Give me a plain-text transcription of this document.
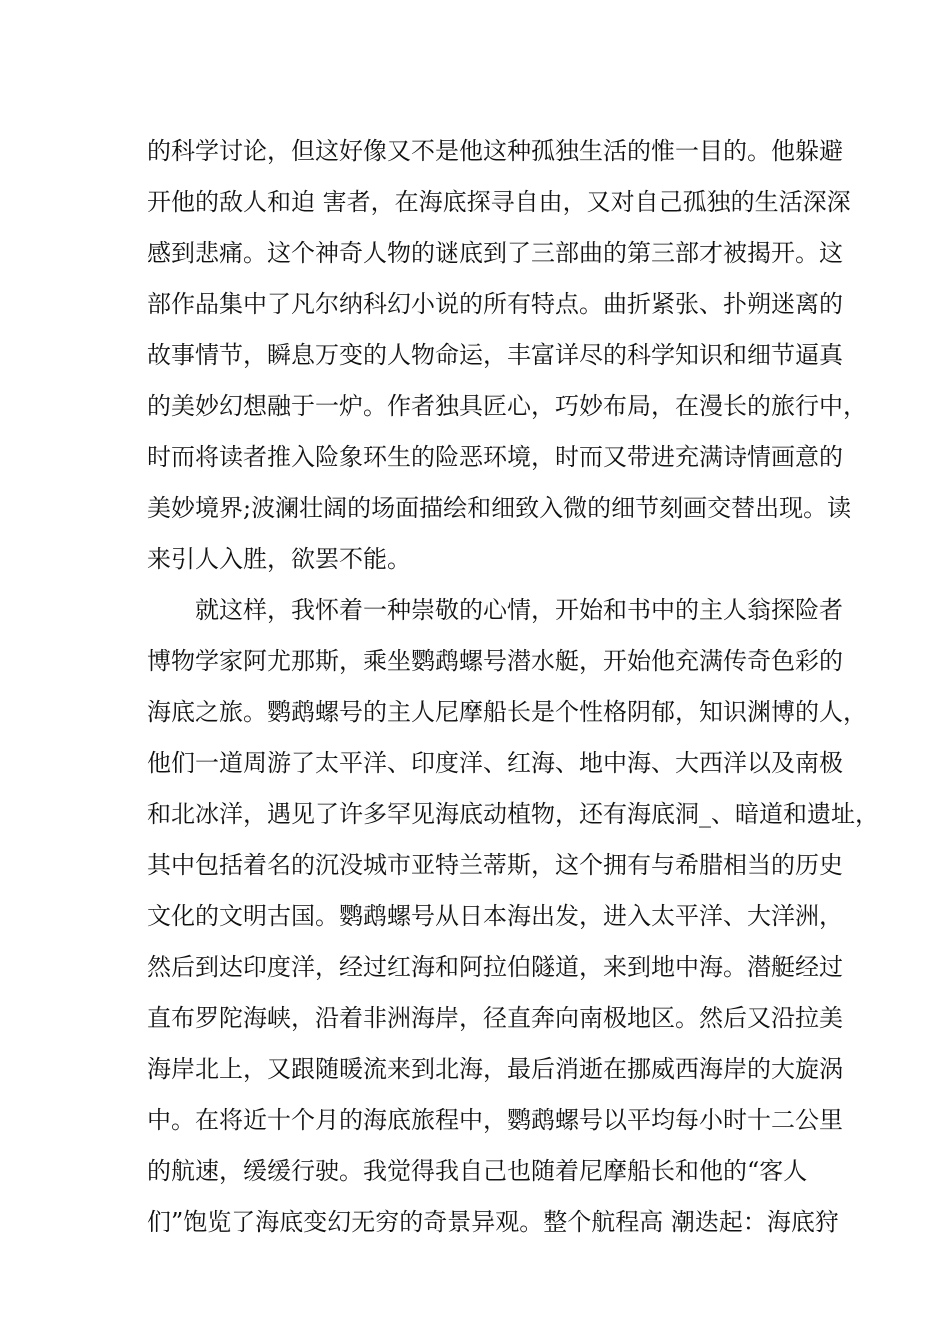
的科学讨论，但这好像又不是他这种孤独生活的惟一目的。他躲避
开他的敌人和迫 害者，在海底探寻自由，又对自己孤独的生活深深
感到悲痛。这个神奇人物的谜底到了三部曲的第三部才被揭开。这
部作品集中了凡尔纳科幻小说的所有特点。曲折紧张、扑朔迷离的
故事情节，瞬息万变的人物命运，丰富详尽的科学知识和细节逼真
的美妙幻想融于一炉。作者独具匠心，巧妙布局，在漫长的旅行中，
时而将读者推入险象环生的险恶环境，时而又带进充满诗情画意的
美妙境界;波澜壮阔的场面描绘和细致入微的细节刻画交替出现。读
来引人入胜，欲罢不能。
就这样，我怀着一种崇敬的心情，开始和书中的主人翁探险者
博物学家阿尤那斯，乘坐鹦鹉螺号潜水艇，开始他充满传奇色彩的
海底之旅。鹦鹉螺号的主人尼摩船长是个性格阴郁，知识渊博的人，
他们一道周游了太平洋、印度洋、红海、地中海、大西洋以及南极
和北冰洋，遇见了许多罕见海底动植物，还有海底洞_、暗道和遗址，
其中包括着名的沉没城市亚特兰蒂斯，这个拥有与希腊相当的历史
文化的文明古国。鹦鹉螺号从日本海出发，进入太平洋、大洋洲，
然后到达印度洋，经过红海和阿拉伯隧道，来到地中海。潜艇经过
直布罗陀海峡，沿着非洲海岸，径直奔向南极地区。然后又沿拉美
海岸北上，又跟随暖流来到北海，最后消逝在挪威西海岸的大旋涡
中。在将近十个月的海底旅程中，鹦鹉螺号以平均每小时十二公里
的航速，缓缓行驶。我觉得我自己也随着尼摩船长和他的“客人
们”饱览了海底变幻无穷的奇景异观。整个航程高 潮迭起：海底狩
